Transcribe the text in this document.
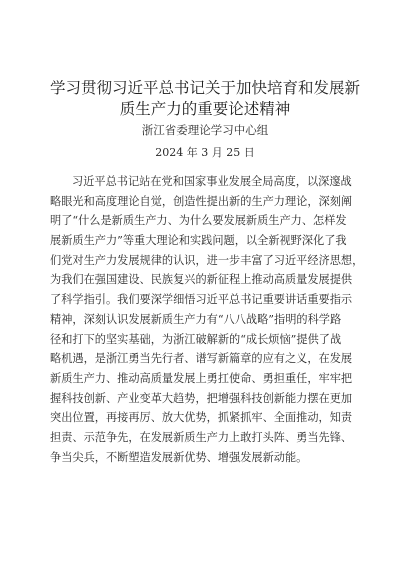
学习贯彻习近平总书记关于加快培育和发展新
质生产力的重要论述精神
浙江省委理论学习中心组
2024 年 3 月 25 日
习近平总书记站在党和国家事业发展全局高度，以深邃战
略眼光和高度理论自觉，创造性提出新的生产力理论，深刻阐
明了“什么是新质生产力、为什么要发展新质生产力、怎样发
展新质生产力”等重大理论和实践问题，以全新视野深化了我
们党对生产力发展规律的认识，进一步丰富了习近平经济思想，
为我们在强国建设、民族复兴的新征程上推动高质量发展提供
了科学指引。我们要深学细悟习近平总书记重要讲话重要指示
精神，深刻认识发展新质生产力有“八八战略”指明的科学路
径和打下的坚实基础，为浙江破解新的“成长烦恼”提供了战
略机遇，是浙江勇当先行者、谱写新篇章的应有之义，在发展
新质生产力、推动高质量发展上勇扛使命、勇担重任，牢牢把
握科技创新、产业变革大趋势，把增强科技创新能力摆在更加
突出位置，再接再厉、放大优势，抓紧抓牢、全面推动，知责
担责、示范争先，在发展新质生产力上敢打头阵、勇当先锋、
争当尖兵，不断塑造发展新优势、增强发展新动能。
